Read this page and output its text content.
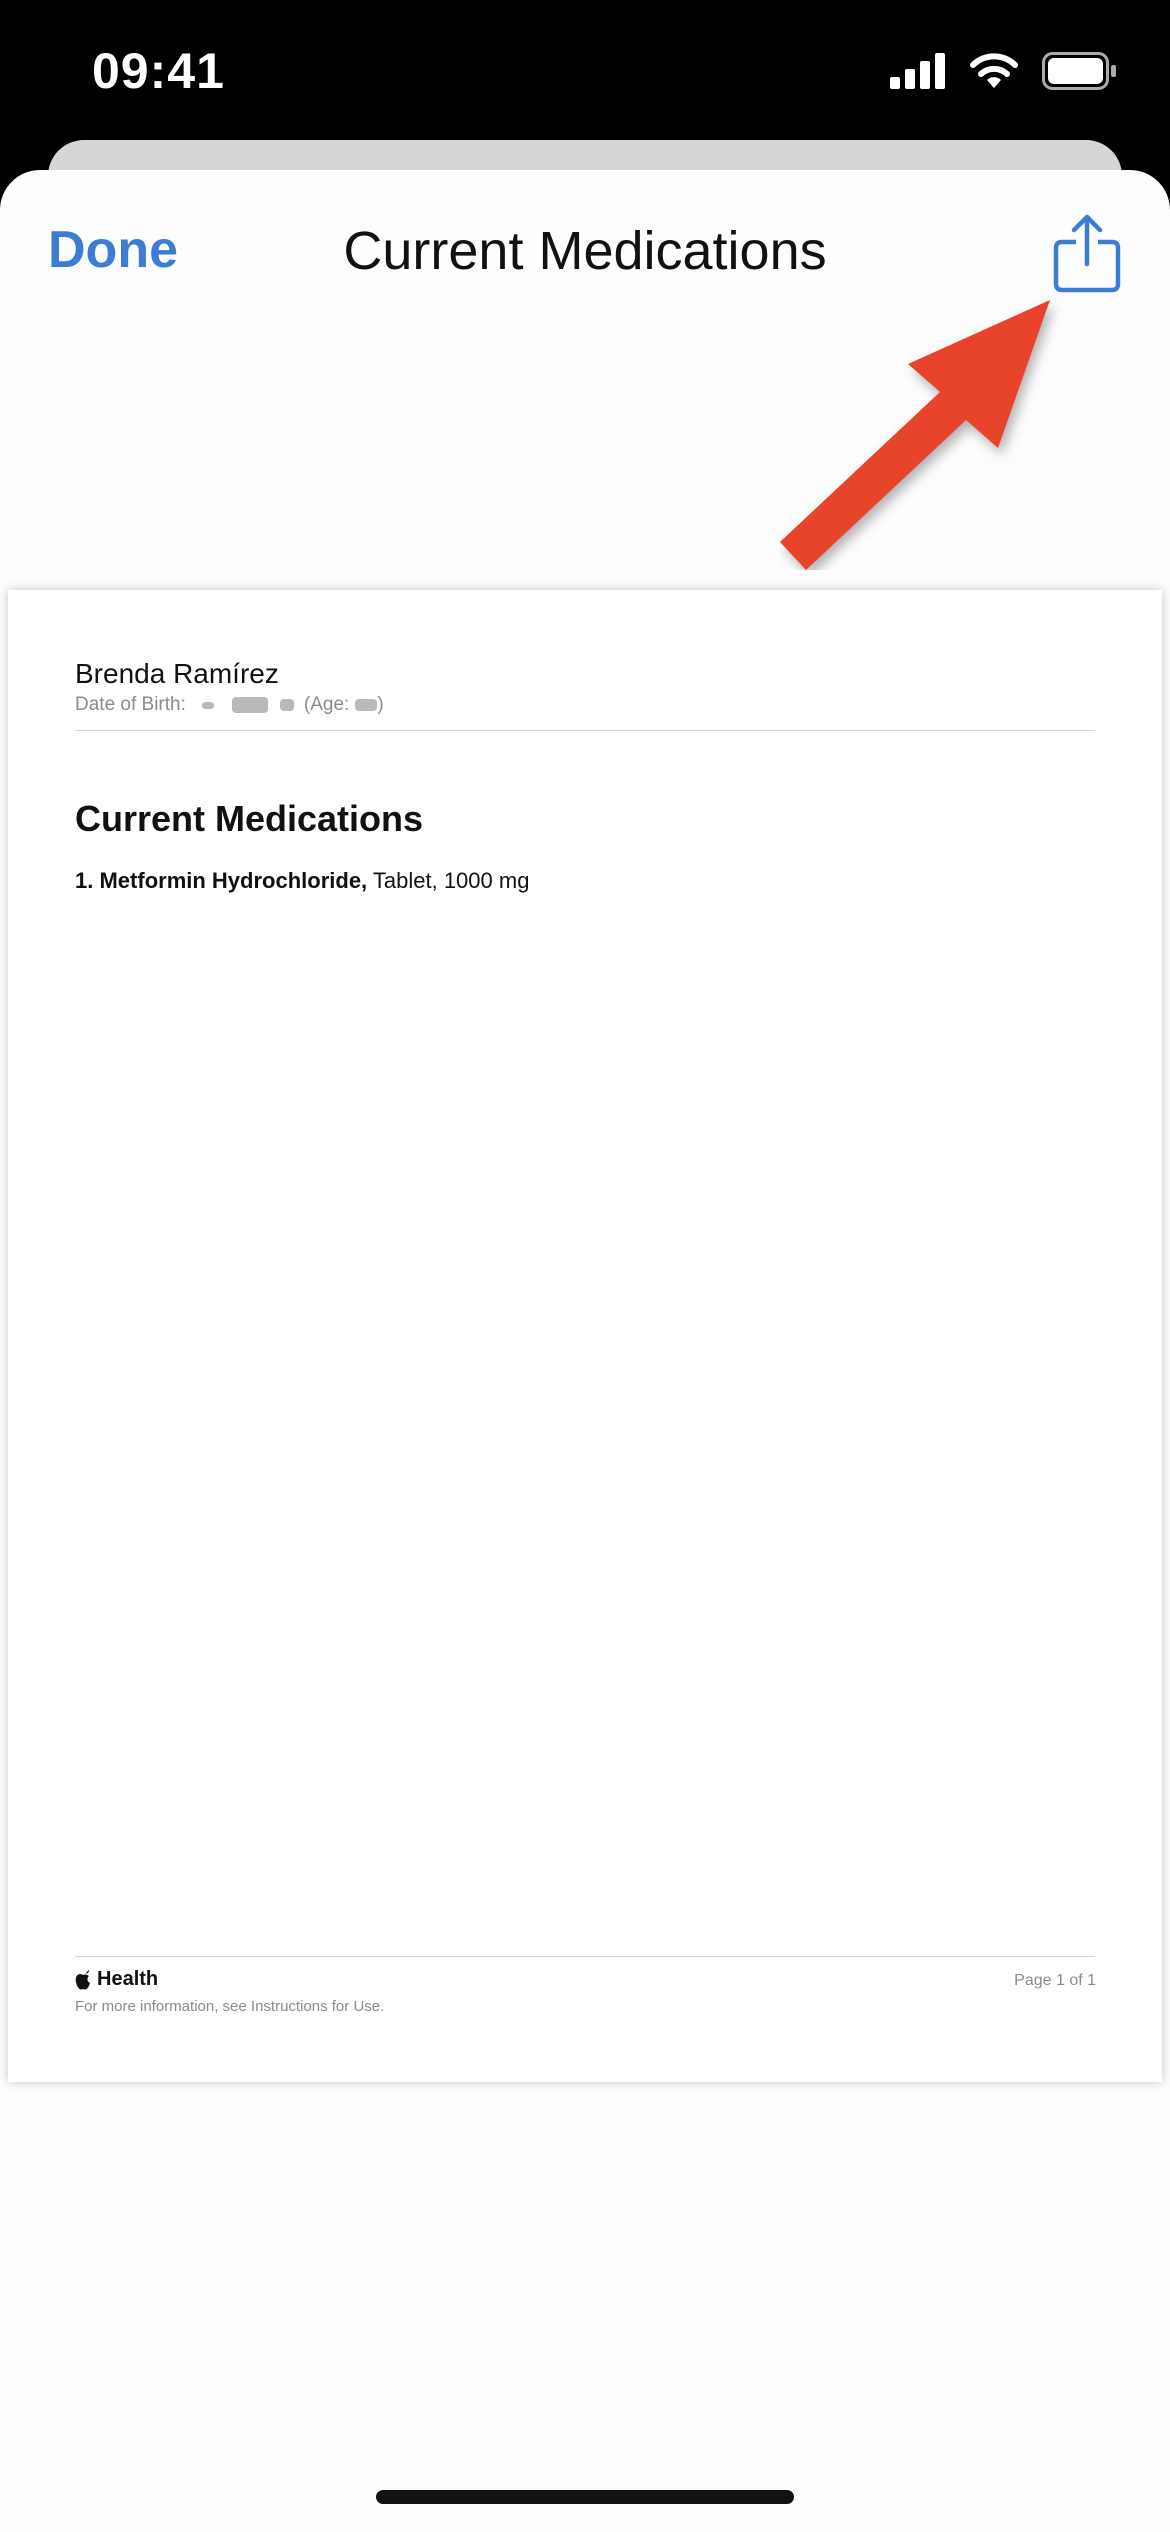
09:41
Done	Current Medications
Brenda Ramírez
Date of Birth:	(Age: )
Current Medications
1. Metformin Hydrochloride, Tablet, 1000 mg
Health
For more information, see Instructions for Use.
Page 1 of 1
